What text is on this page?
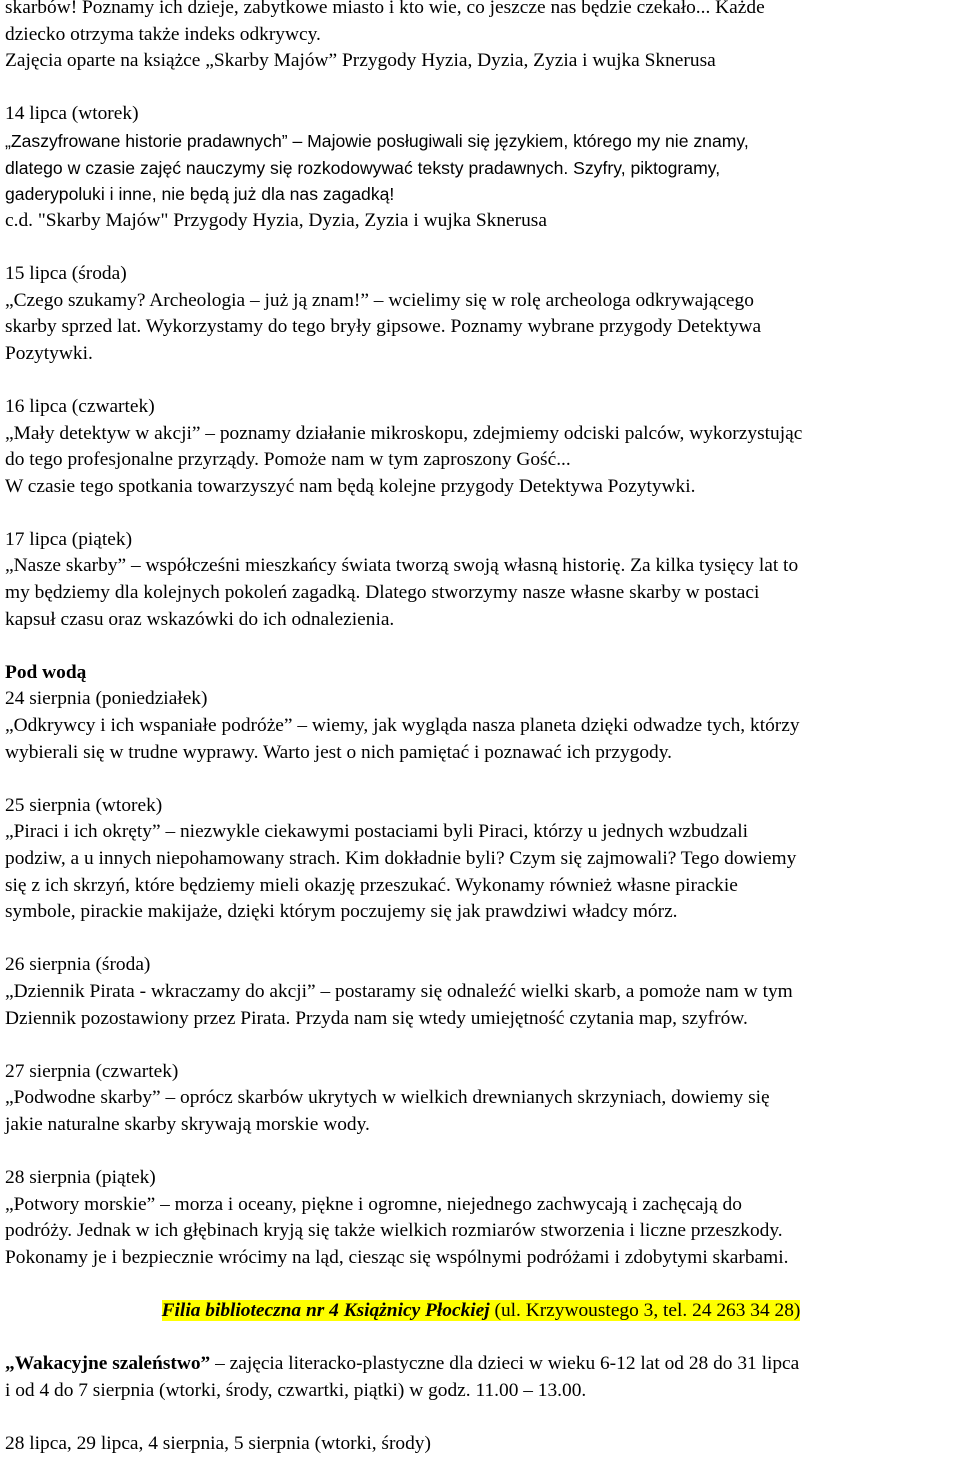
skarbów! Poznamy ich dzieje, zabytkowe miasto i kto wie, co jeszcze nas będzie czekało... Każde

dziecko otrzyma także indeks odkrywcy.

Zajęcia oparte na książce „Skarby Majów” Przygody Hyzia, Dyzia, Zyzia i wujka Sknerusa

14 lipca (wtorek)

„Zaszyfrowane historie pradawnych” – Majowie posługiwali się językiem, którego my nie znamy,

dlatego w czasie zajęć nauczymy się rozkodowywać teksty pradawnych. Szyfry, piktogramy,

gaderypoluki i inne, nie będą już dla nas zagadką!

c.d. "Skarby Majów" Przygody Hyzia, Dyzia, Zyzia i wujka Sknerusa

15 lipca (środa)

„Czego szukamy? Archeologia – już ją znam!” – wcielimy się w rolę archeologa odkrywającego

skarby sprzed lat. Wykorzystamy do tego bryły gipsowe. Poznamy wybrane przygody Detektywa

Pozytywki.

16 lipca (czwartek)

„Mały detektyw w akcji” – poznamy działanie mikroskopu, zdejmiemy odciski palców, wykorzystując

do tego profesjonalne przyrządy. Pomoże nam w tym zaproszony Gość...

W czasie tego spotkania towarzyszyć nam będą kolejne przygody Detektywa Pozytywki.

17 lipca (piątek)

„Nasze skarby” – współcześni mieszkańcy świata tworzą swoją własną historię. Za kilka tysięcy lat to

my będziemy dla kolejnych pokoleń zagadką. Dlatego stworzymy nasze własne skarby w postaci

kapsuł czasu oraz wskazówki do ich odnalezienia.

Pod wodą

24 sierpnia (poniedziałek)

„Odkrywcy i ich wspaniałe podróże” – wiemy, jak wygląda nasza planeta dzięki odwadze tych, którzy

wybierali się w trudne wyprawy. Warto jest o nich pamiętać i poznawać ich przygody.

25 sierpnia (wtorek)

„Piraci i ich okręty” – niezwykle ciekawymi postaciami byli Piraci, którzy u jednych wzbudzali

podziw, a u innych niepohamowany strach. Kim dokładnie byli? Czym się zajmowali? Tego dowiemy

się z ich skrzyń, które będziemy mieli okazję przeszukać. Wykonamy również własne pirackie

symbole, pirackie makijaże, dzięki którym poczujemy się jak prawdziwi władcy mórz.

26 sierpnia (środa)

„Dziennik Pirata - wkraczamy do akcji” – postaramy się odnaleźć wielki skarb, a pomoże nam w tym

Dziennik pozostawiony przez Pirata. Przyda nam się wtedy umiejętność czytania map, szyfrów.

27 sierpnia (czwartek)

„Podwodne skarby” – oprócz skarbów ukrytych w wielkich drewnianych skrzyniach, dowiemy się

jakie naturalne skarby skrywają morskie wody.

28 sierpnia (piątek)

„Potwory morskie” – morza i oceany, piękne i ogromne, niejednego zachwycają i zachęcają do

podróży. Jednak w ich głębinach kryją się także wielkich rozmiarów stworzenia i liczne przeszkody.

Pokonamy je i bezpiecznie wrócimy na ląd, ciesząc się wspólnymi podróżami i zdobytymi skarbami.

Filia biblioteczna nr 4 Książnicy Płockiej (ul. Krzywoustego 3, tel. 24 263 34 28)

„Wakacyjne szaleństwo” – zajęcia literacko-plastyczne dla dzieci w wieku 6-12 lat od 28 do 31 lipca

i od 4 do 7 sierpnia (wtorki, środy, czwartki, piątki) w godz. 11.00 – 13.00.

28 lipca, 29 lipca, 4 sierpnia, 5 sierpnia (wtorki, środy)
